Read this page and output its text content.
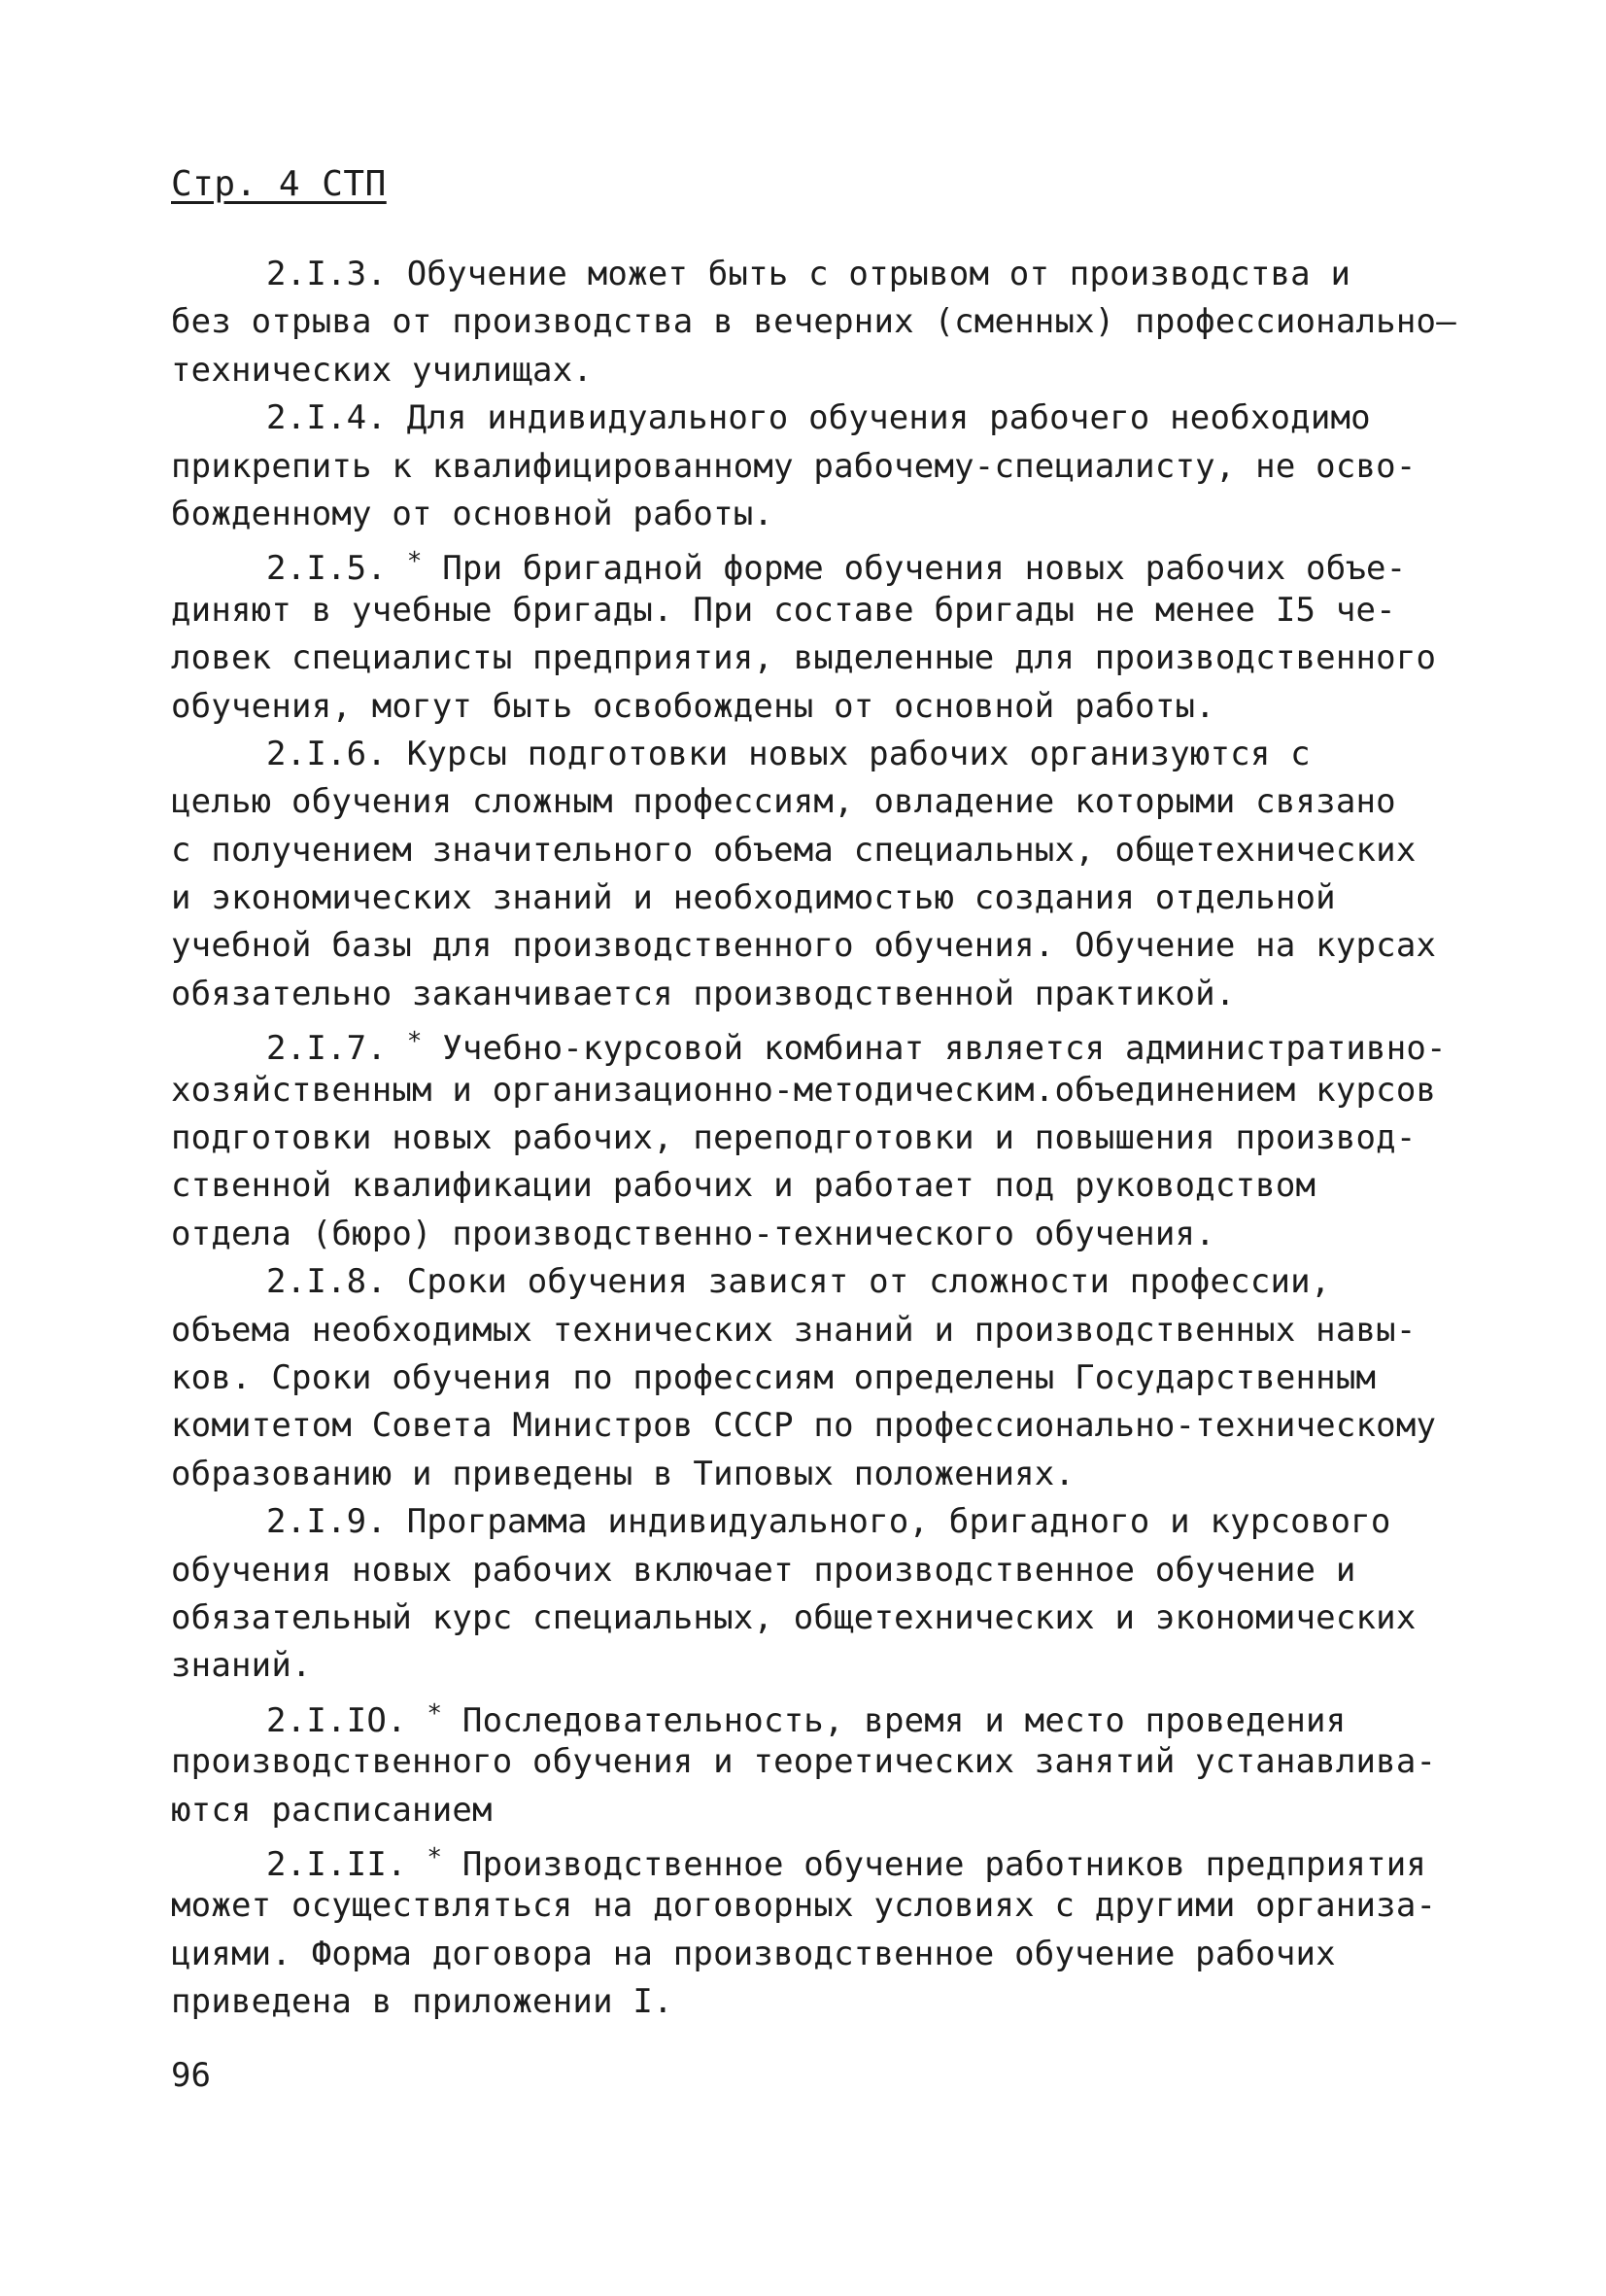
Стр. 4 СТП
2.I.3. Обучение может быть с отрывом от производства и
без отрыва от производства в вечерних (сменных) профессионально—
технических училищах.
2.I.4. Для индивидуального обучения рабочего необходимо
прикрепить к квалифицированному рабочему-специалисту, не осво-
божденному от основной работы.
2.I.5. * При бригадной форме обучения новых рабочих объе-
диняют в учебные бригады. При составе бригады не менее I5 че-
ловек специалисты предприятия, выделенные для производственного
обучения, могут быть освобождены от основной работы.
2.I.6. Курсы подготовки новых рабочих организуются с
целью обучения сложным профессиям, овладение которыми связано
с получением значительного объема специальных, общетехнических
и экономических знаний и необходимостью создания отдельной
учебной базы для производственного обучения. Обучение на курсах
обязательно заканчивается производственной практикой.
2.I.7. * Учебно-курсовой комбинат является административно-
хозяйственным и организационно-методическим.объединением курсов
подготовки новых рабочих, переподготовки и повышения производ-
ственной квалификации рабочих и работает под руководством
отдела (бюро) производственно-технического обучения.
2.I.8. Сроки обучения зависят от сложности профессии,
объема необходимых технических знаний и производственных навы-
ков. Сроки обучения по профессиям определены Государственным
комитетом Совета Министров СССР по профессионально-техническому
образованию и приведены в Типовых положениях.
2.I.9. Программа индивидуального, бригадного и курсового
обучения новых рабочих включает производственное обучение и
обязательный курс специальных, общетехнических и экономических
знаний.
2.I.IO. * Последовательность, время и место проведения
производственного обучения и теоретических занятий устанавлива-
ются расписанием
2.I.II. * Производственное обучение работников предприятия
может осуществляться на договорных условиях с другими организа-
циями. Форма договора на производственное обучение рабочих
приведена в приложении I.
96
